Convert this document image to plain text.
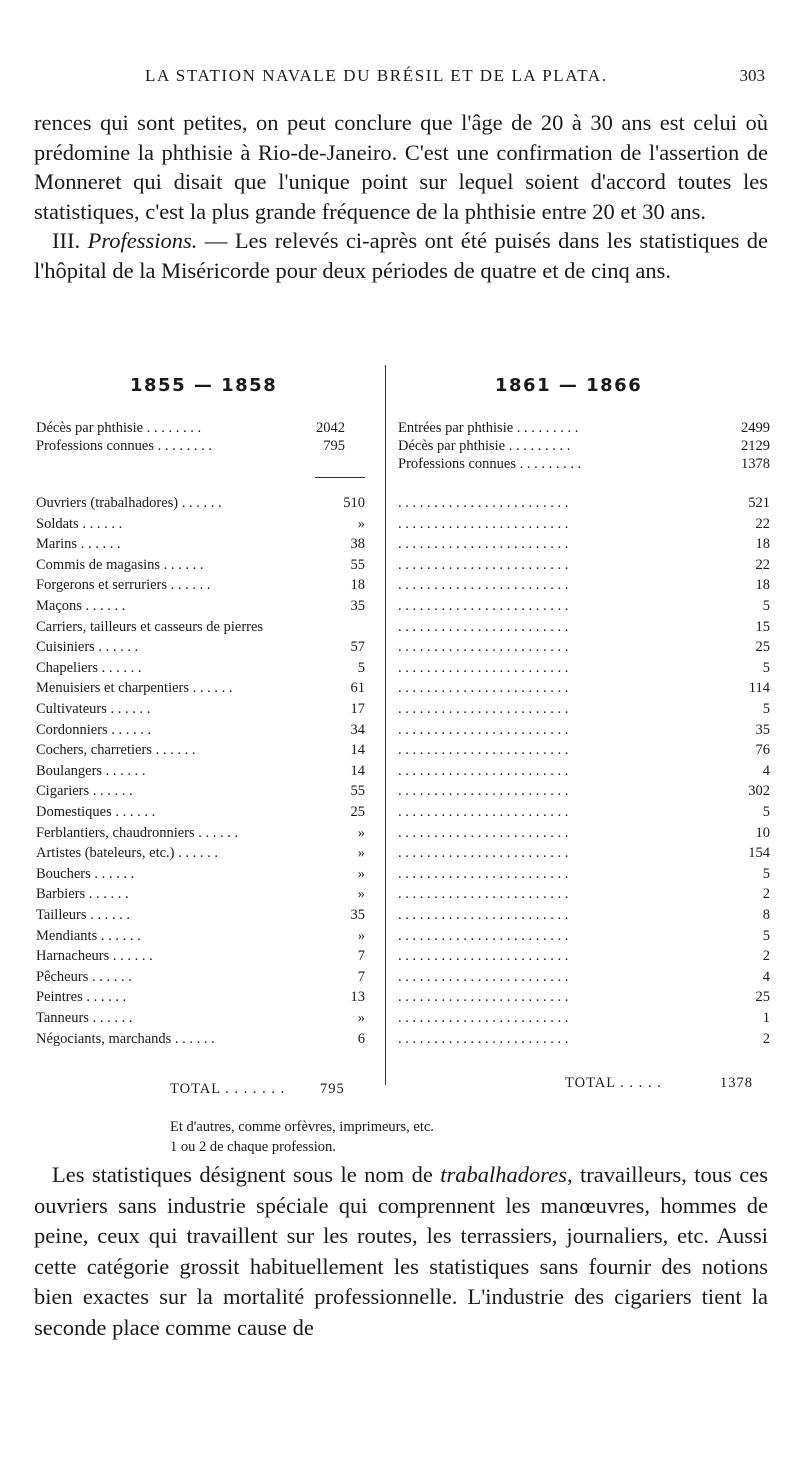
LA STATION NAVALE DU BRÉSIL ET DE LA PLATA.	303

rences qui sont petites, on peut conclure que l'âge de 20 à 30 ans est celui où prédomine la phthisie à Rio-de-Janeiro. C'est une confirmation de l'assertion de Monneret qui disait que l'unique point sur lequel soient d'accord toutes les statistiques, c'est la plus grande fréquence de la phthisie entre 20 et 30 ans.

III. Professions. — Les relevés ci-après ont été puisés dans les statistiques de l'hôpital de la Miséricorde pour deux périodes de quatre et de cinq ans.

1855 — 1858	1861 — 1866
Décès par phthisie . . . . . . . .	2042
Professions connues . . . . . . . .	795
Entrées par phthisie . . . . . . . . .	2499
Décès par phthisie . . . . . . . . .	2129
Professions connues . . . . . . . . .	1378
Ouvriers (trabalhadores) . . . . . .	510 . . . . . . . . . . . . . . . . . . . . . . . .	521
Soldats . . . . . .	» . . . . . . . . . . . . . . . . . . . . . . . .	22
Marins . . . . . .	38 . . . . . . . . . . . . . . . . . . . . . . . .	18
Commis de magasins . . . . . .	55 . . . . . . . . . . . . . . . . . . . . . . . .	22
Forgerons et serruriers . . . . . .	18 . . . . . . . . . . . . . . . . . . . . . . . .	18
Maçons . . . . . .	35 . . . . . . . . . . . . . . . . . . . . . . . .	5
Carriers, tailleurs et casseurs de pierres	. . . . . . . . . . . . . . . . . . . . . . . .	15
Cuisiniers . . . . . .	57 . . . . . . . . . . . . . . . . . . . . . . . .	25
Chapeliers . . . . . .	5 . . . . . . . . . . . . . . . . . . . . . . . .	5
Menuisiers et charpentiers . . . . . .	61 . . . . . . . . . . . . . . . . . . . . . . . .	114
Cultivateurs . . . . . .	17 . . . . . . . . . . . . . . . . . . . . . . . .	5
Cordonniers . . . . . .	34 . . . . . . . . . . . . . . . . . . . . . . . .	35
Cochers, charretiers . . . . . .	14 . . . . . . . . . . . . . . . . . . . . . . . .	76
Boulangers . . . . . .	14 . . . . . . . . . . . . . . . . . . . . . . . .	4
Cigariers . . . . . .	55 . . . . . . . . . . . . . . . . . . . . . . . .	302
Domestiques . . . . . .	25 . . . . . . . . . . . . . . . . . . . . . . . .	5
Ferblantiers, chaudronniers . . . . . .	» . . . . . . . . . . . . . . . . . . . . . . . .	10
Artistes (bateleurs, etc.) . . . . . .	» . . . . . . . . . . . . . . . . . . . . . . . .	154
Bouchers . . . . . .	» . . . . . . . . . . . . . . . . . . . . . . . .	5
Barbiers . . . . . .	» . . . . . . . . . . . . . . . . . . . . . . . .	2
Tailleurs . . . . . .	35 . . . . . . . . . . . . . . . . . . . . . . . .	8
Mendiants . . . . . .	» . . . . . . . . . . . . . . . . . . . . . . . .	5
Harnacheurs . . . . . .	7 . . . . . . . . . . . . . . . . . . . . . . . .	2
Pêcheurs . . . . . .	7 . . . . . . . . . . . . . . . . . . . . . . . .	4
Peintres . . . . . .	13 . . . . . . . . . . . . . . . . . . . . . . . .	25
Tanneurs . . . . . .	» . . . . . . . . . . . . . . . . . . . . . . . .	1
Négociants, marchands . . . . . .	6 . . . . . . . . . . . . . . . . . . . . . . . .	2
TOTAL . . . . . . . 795	TOTAL . . . . .	1378
Et d'autres, comme orfèvres, imprimeurs, etc.
1 ou 2 de chaque profession.

Les statistiques désignent sous le nom de trabalhadores, travailleurs, tous ces ouvriers sans industrie spéciale qui comprennent les manœuvres, hommes de peine, ceux qui travaillent sur les routes, les terrassiers, journaliers, etc. Aussi cette catégorie grossit habituellement les statistiques sans fournir des notions bien exactes sur la mortalité professionnelle. L'industrie des cigariers tient la seconde place comme cause de
